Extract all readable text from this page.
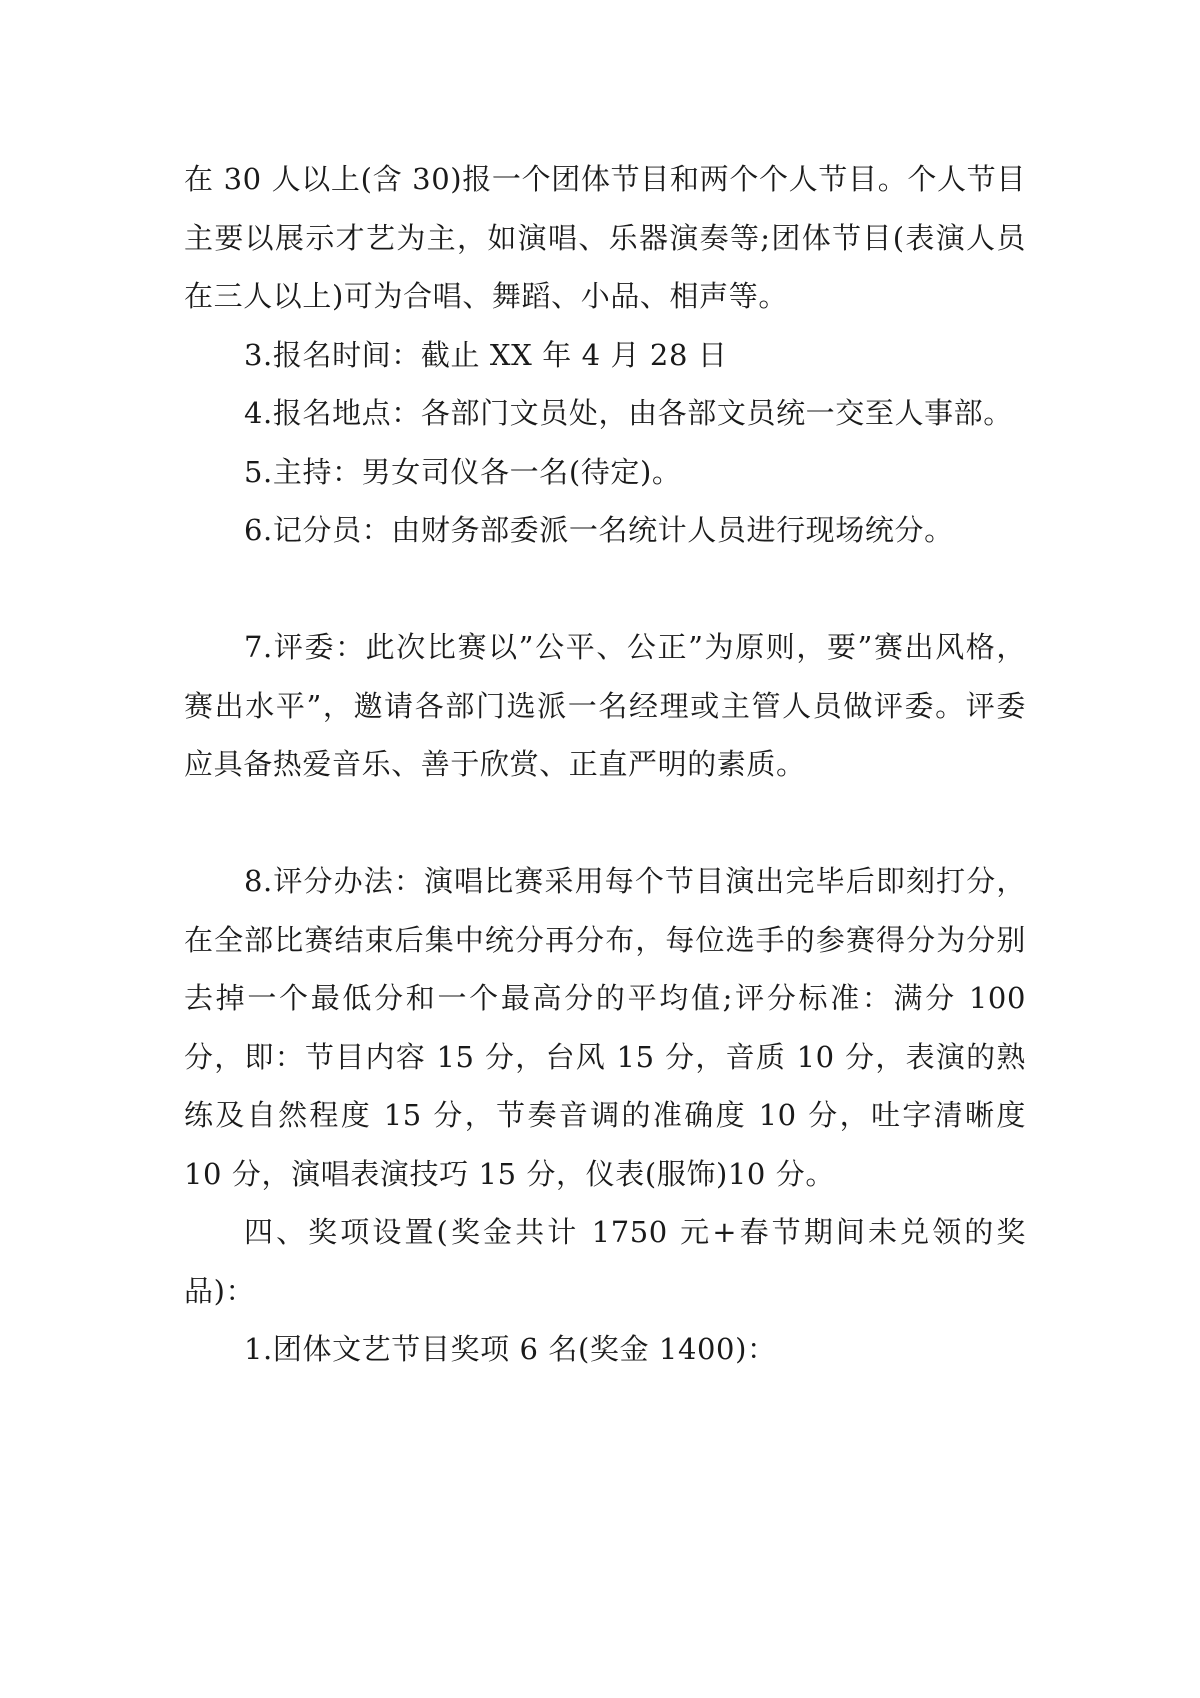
在 30 人以上(含 30)报一个团体节目和两个个人节目。个人节目主要以展示才艺为主，如演唱、乐器演奏等;团体节目(表演人员在三人以上)可为合唱、舞蹈、小品、相声等。

3.报名时间：截止 XX 年 4 月 28 日

4.报名地点：各部门文员处，由各部文员统一交至人事部。

5.主持：男女司仪各一名(待定)。

6.记分员：由财务部委派一名统计人员进行现场统分。

7.评委：此次比赛以”公平、公正”为原则，要”赛出风格，赛出水平”，邀请各部门选派一名经理或主管人员做评委。评委应具备热爱音乐、善于欣赏、正直严明的素质。

8.评分办法：演唱比赛采用每个节目演出完毕后即刻打分，在全部比赛结束后集中统分再分布，每位选手的参赛得分为分别去掉一个最低分和一个最高分的平均值;评分标准：满分 100 分，即：节目内容 15 分，台风 15 分，音质 10 分，表演的熟练及自然程度 15 分，节奏音调的准确度 10 分，吐字清晰度 10 分，演唱表演技巧 15 分，仪表(服饰)10 分。

四、奖项设置(奖金共计 1750 元+春节期间未兑领的奖品)：

1.团体文艺节目奖项 6 名(奖金 1400)：
